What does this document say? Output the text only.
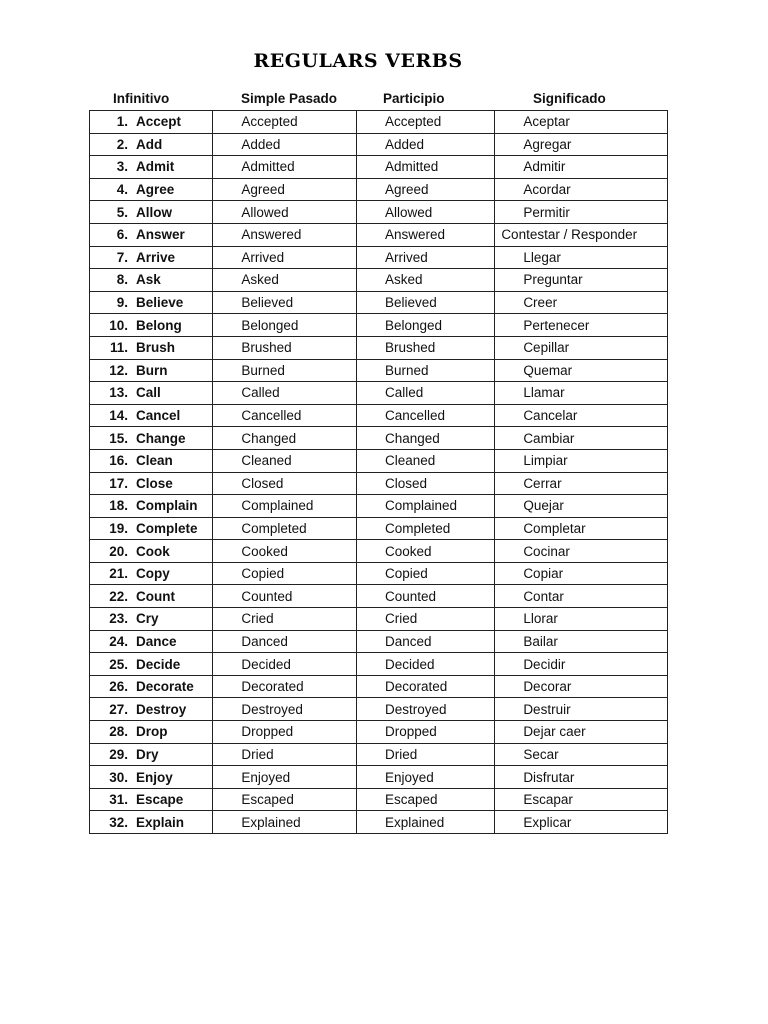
REGULARS VERBS
Infinitivo	Simple Pasado	Participio	Significado
1. Accept	Accepted	Accepted	Aceptar
2. Add	Added	Added	Agregar
3. Admit	Admitted	Admitted	Admitir
4. Agree	Agreed	Agreed	Acordar
5. Allow	Allowed	Allowed	Permitir
6. Answer	Answered	Answered	Contestar / Responder
7. Arrive	Arrived	Arrived	Llegar
8. Ask	Asked	Asked	Preguntar
9. Believe	Believed	Believed	Creer
10. Belong	Belonged	Belonged	Pertenecer
11. Brush	Brushed	Brushed	Cepillar
12. Burn	Burned	Burned	Quemar
13. Call	Called	Called	Llamar
14. Cancel	Cancelled	Cancelled	Cancelar
15. Change	Changed	Changed	Cambiar
16. Clean	Cleaned	Cleaned	Limpiar
17. Close	Closed	Closed	Cerrar
18. Complain	Complained	Complained	Quejar
19. Complete	Completed	Completed	Completar
20. Cook	Cooked	Cooked	Cocinar
21. Copy	Copied	Copied	Copiar
22. Count	Counted	Counted	Contar
23. Cry	Cried	Cried	Llorar
24. Dance	Danced	Danced	Bailar
25. Decide	Decided	Decided	Decidir
26. Decorate	Decorated	Decorated	Decorar
27. Destroy	Destroyed	Destroyed	Destruir
28. Drop	Dropped	Dropped	Dejar caer
29. Dry	Dried	Dried	Secar
30. Enjoy	Enjoyed	Enjoyed	Disfrutar
31. Escape	Escaped	Escaped	Escapar
32. Explain	Explained	Explained	Explicar
